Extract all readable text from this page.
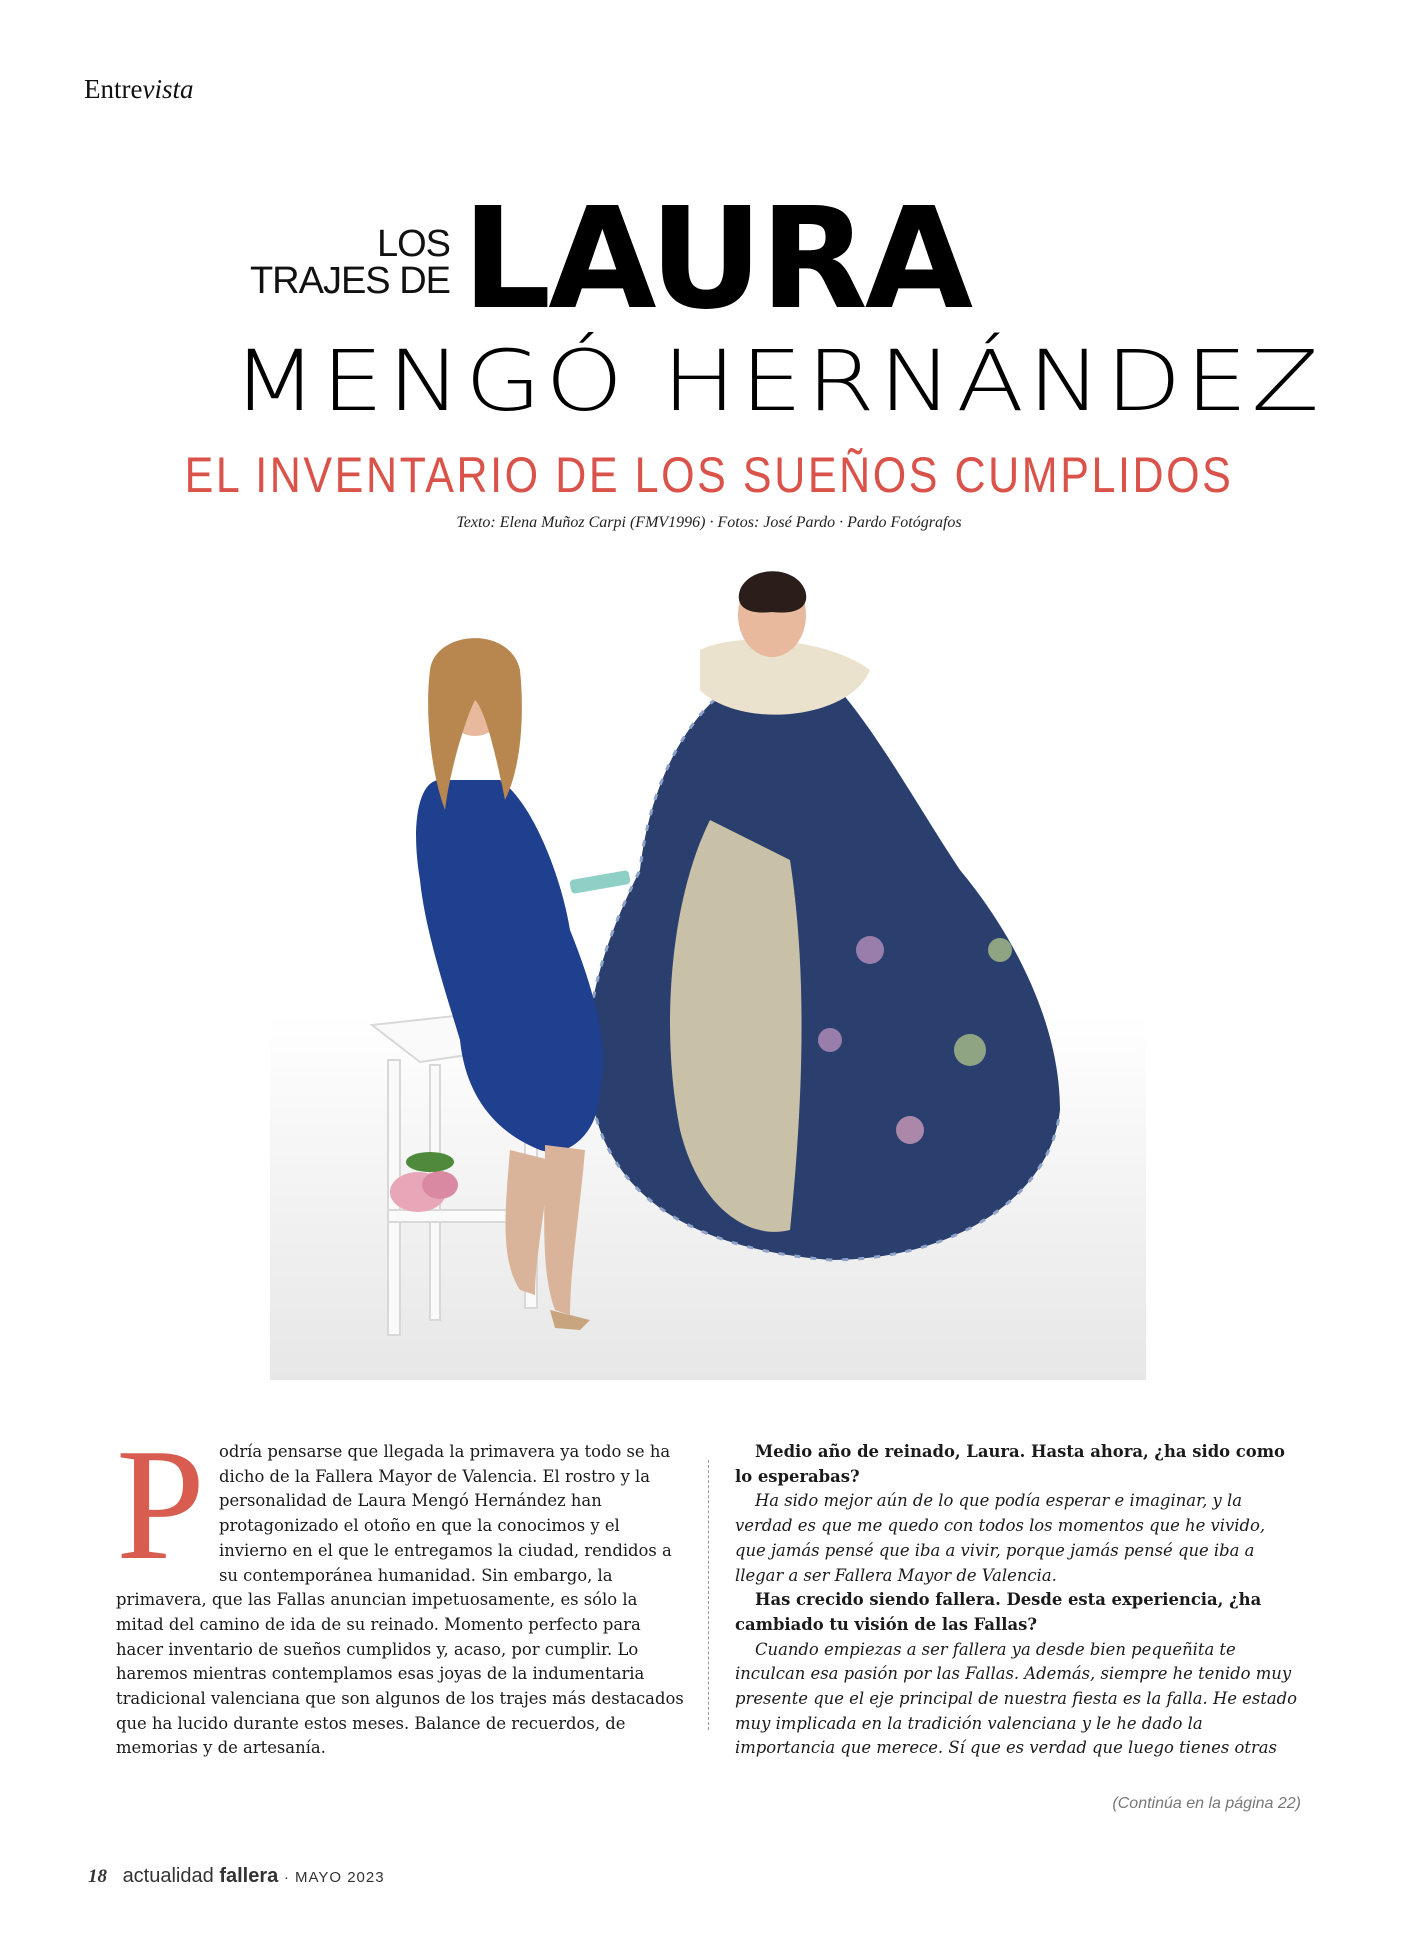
Entrevista
LOS
TRAJES DE LAURA
MENGÓ HERNÁNDEZ
EL INVENTARIO DE LOS SUEÑOS CUMPLIDOS
Texto: Elena Muñoz Carpi (FMV1996) · Fotos: José Pardo · Pardo Fotógrafos
P odría pensarse que llegada la primavera ya todo se ha dicho de la Fallera Mayor de Valencia. El rostro y la personalidad de Laura Mengó Hernández han protagonizado el otoño en que la conocimos y el invierno en el que le entregamos la ciudad, rendidos a su contemporánea humanidad. Sin embargo, la primavera, que las Fallas anuncian impetuosamente, es sólo la mitad del camino de ida de su reinado. Momento perfecto para hacer inventario de sueños cumplidos y, acaso, por cumplir. Lo haremos mientras contemplamos esas joyas de la indumentaria tradicional valenciana que son algunos de los trajes más destacados que ha lucido durante estos meses. Balance de recuerdos, de memorias y de artesanía.

Medio año de reinado, Laura. Hasta ahora, ¿ha sido como lo esperabas?

Ha sido mejor aún de lo que podía esperar e imaginar, y la verdad es que me quedo con todos los momentos que he vivido, que jamás pensé que iba a vivir, porque jamás pensé que iba a llegar a ser Fallera Mayor de Valencia.

Has crecido siendo fallera. Desde esta experiencia, ¿ha cambiado tu visión de las Fallas?

Cuando empiezas a ser fallera ya desde bien pequeñita te inculcan esa pasión por las Fallas. Además, siempre he tenido muy presente que el eje principal de nuestra fiesta es la falla. He estado muy implicada en la tradición valenciana y le he dado la importancia que merece. Sí que es verdad que luego tienes otras

(Continúa en la página 22)
18 actualidad fallera · MAYO 2023
